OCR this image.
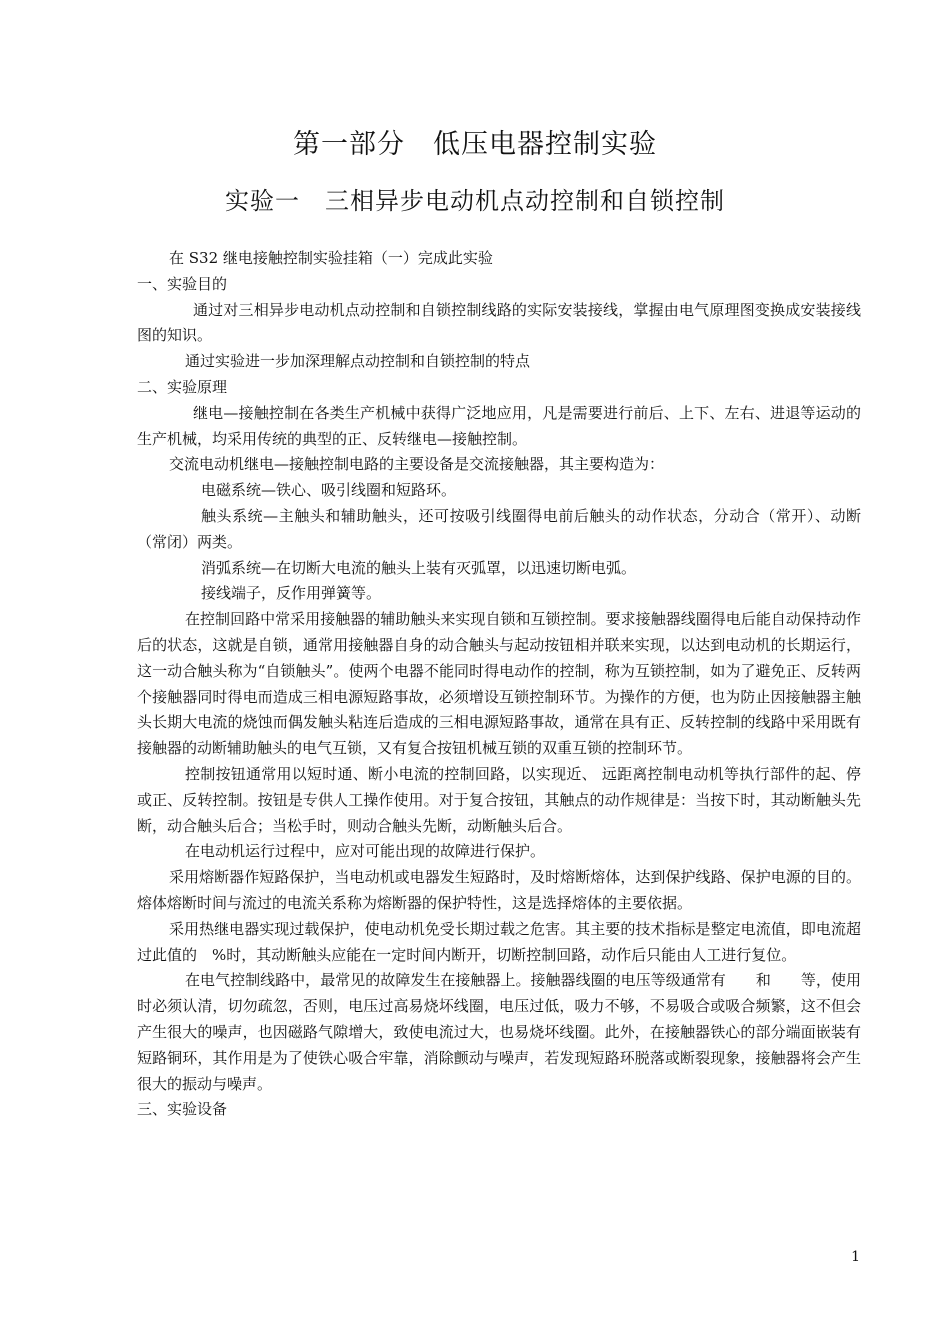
第一部分　低压电器控制实验
实验一　三相异步电动机点动控制和自锁控制

在 S32 继电接触控制实验挂箱（一）完成此实验

一、实验目的

通过对三相异步电动机点动控制和自锁控制线路的实际安装接线，掌握由电气原理图变换成安装接线图的知识。

通过实验进一步加深理解点动控制和自锁控制的特点

二、实验原理

继电—接触控制在各类生产机械中获得广泛地应用，凡是需要进行前后、上下、左右、进退等运动的生产机械，均采用传统的典型的正、反转继电—接触控制。

交流电动机继电—接触控制电路的主要设备是交流接触器，其主要构造为：

电磁系统—铁心、吸引线圈和短路环。

触头系统—主触头和辅助触头，还可按吸引线圈得电前后触头的动作状态，分动合（常开）、动断（常闭）两类。

消弧系统—在切断大电流的触头上装有灭弧罩，以迅速切断电弧。

接线端子，反作用弹簧等。

在控制回路中常采用接触器的辅助触头来实现自锁和互锁控制。要求接触器线圈得电后能自动保持动作后的状态，这就是自锁，通常用接触器自身的动合触头与起动按钮相并联来实现，以达到电动机的长期运行，这一动合触头称为“自锁触头”。使两个电器不能同时得电动作的控制，称为互锁控制，如为了避免正、反转两个接触器同时得电而造成三相电源短路事故，必须增设互锁控制环节。为操作的方便，也为防止因接触器主触头长期大电流的烧蚀而偶发触头粘连后造成的三相电源短路事故，通常在具有正、反转控制的线路中采用既有接触器的动断辅助触头的电气互锁，又有复合按钮机械互锁的双重互锁的控制环节。

控制按钮通常用以短时通、断小电流的控制回路，以实现近、 远距离控制电动机等执行部件的起、停或正、反转控制。按钮是专供人工操作使用。对于复合按钮，其触点的动作规律是：当按下时，其动断触头先断，动合触头后合；当松手时，则动合触头先断，动断触头后合。

在电动机运行过程中，应对可能出现的故障进行保护。

采用熔断器作短路保护，当电动机或电器发生短路时，及时熔断熔体，达到保护线路、保护电源的目的。熔体熔断时间与流过的电流关系称为熔断器的保护特性，这是选择熔体的主要依据。

采用热继电器实现过载保护，使电动机免受长期过载之危害。其主要的技术指标是整定电流值，即电流超过此值的　%时，其动断触头应能在一定时间内断开，切断控制回路，动作后只能由人工进行复位。

在电气控制线路中，最常见的故障发生在接触器上。接触器线圈的电压等级通常有　　和　　等，使用时必须认清，切勿疏忽，否则，电压过高易烧坏线圈，电压过低，吸力不够，不易吸合或吸合频繁，这不但会产生很大的噪声，也因磁路气隙增大，致使电流过大，也易烧坏线圈。此外，在接触器铁心的部分端面嵌装有短路铜环，其作用是为了使铁心吸合牢靠，消除颤动与噪声，若发现短路环脱落或断裂现象，接触器将会产生很大的振动与噪声。

三、实验设备

1
